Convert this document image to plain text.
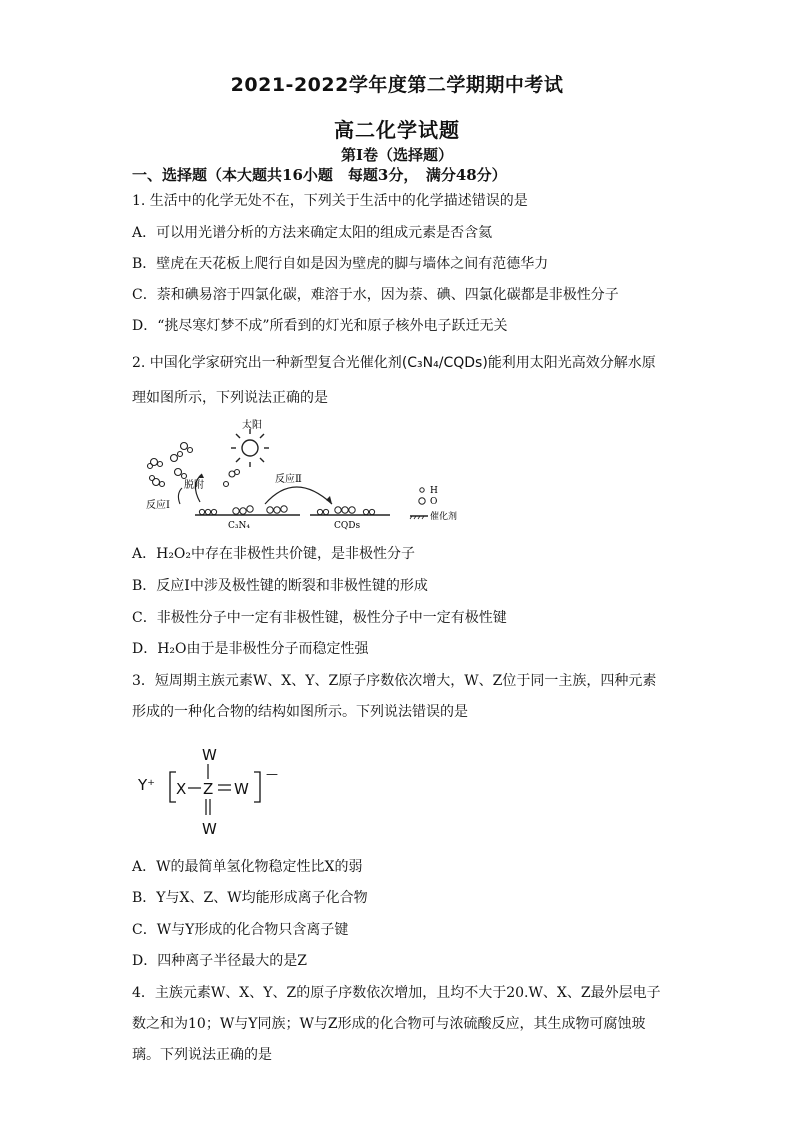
2021-2022学年度第二学期期中考试
高二化学试题
第I卷（选择题）
一、选择题（本大题共16小题　每题3分，　满分48分）
1. 生活中的化学无处不在，下列关于生活中的化学描述错误的是
A．可以用光谱分析的方法来确定太阳的组成元素是否含氦
B．壁虎在天花板上爬行自如是因为壁虎的脚与墙体之间有范德华力
C．萘和碘易溶于四氯化碳，难溶于水，因为萘、碘、四氯化碳都是非极性分子
D．“挑尽寒灯梦不成”所看到的灯光和原子核外电子跃迁无关
2. 中国化学家研究出一种新型复合光催化剂(C₃N₄/CQDs)能利用太阳光高效分解水原
理如图所示，下列说法正确的是
太阳
脱附
反应Ⅰ
C₃N₄
反应Ⅱ
CQDs
H
O
催化剂
A．H₂O₂中存在非极性共价键，是非极性分子
B．反应Ⅰ中涉及极性键的断裂和非极性键的形成
C．非极性分子中一定有非极性键，极性分子中一定有极性键
D．H₂O由于是非极性分子而稳定性强
3．短周期主族元素W、X、Y、Z原子序数依次增大，W、Z位于同一主族，四种元素
形成的一种化合物的结构如图所示。下列说法错误的是
W
Y⁺ X Z W
W
—
A．W的最简单氢化物稳定性比X的弱
B．Y与X、Z、W均能形成离子化合物
C．W与Y形成的化合物只含离子键
D．四种离子半径最大的是Z
4．主族元素W、X、Y、Z的原子序数依次增加，且均不大于20.W、X、Z最外层电子
数之和为10；W与Y同族；W与Z形成的化合物可与浓硫酸反应，其生成物可腐蚀玻
璃。下列说法正确的是
